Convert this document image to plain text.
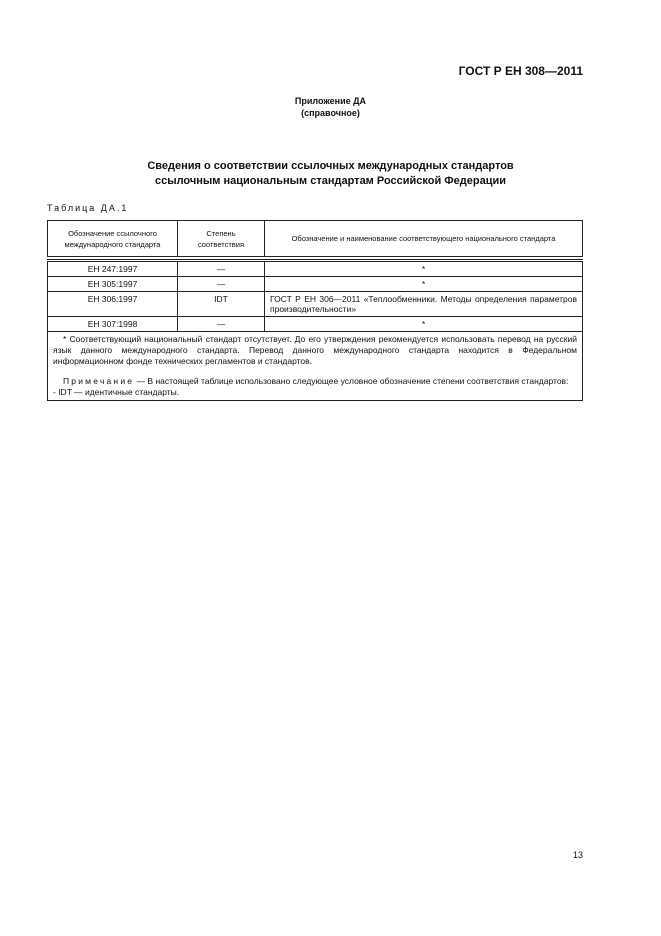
ГОСТ Р ЕН 308—2011
Приложение ДА
(справочное)
Сведения о соответствии ссылочных международных стандартов
ссылочным национальным стандартам Российской Федерации
Таблица ДА.1
Обозначение ссылочного международного стандарта	Степень соответствия	Обозначение и наименование соответствующего национального стандарта

ЕН 247:1997	—	*
ЕН 305:1997	—	*
ЕН 306:1997	IDT	ГОСТ Р ЕН 306—2011 «Теплообменники. Методы определения параметров производительности»
ЕН 307:1998	—	*

* Соответствующий национальный стандарт отсутствует. До его утверждения рекомендуется использовать перевод на русский язык данного международного стандарта. Перевод данного международного стандарта находится в Федеральном информационном фонде технических регламентов и стандартов.

Примечание — В настоящей таблице использовано следующее условное обозначение степени соответствия стандартов:

- IDT — идентичные стандарты.		
13
